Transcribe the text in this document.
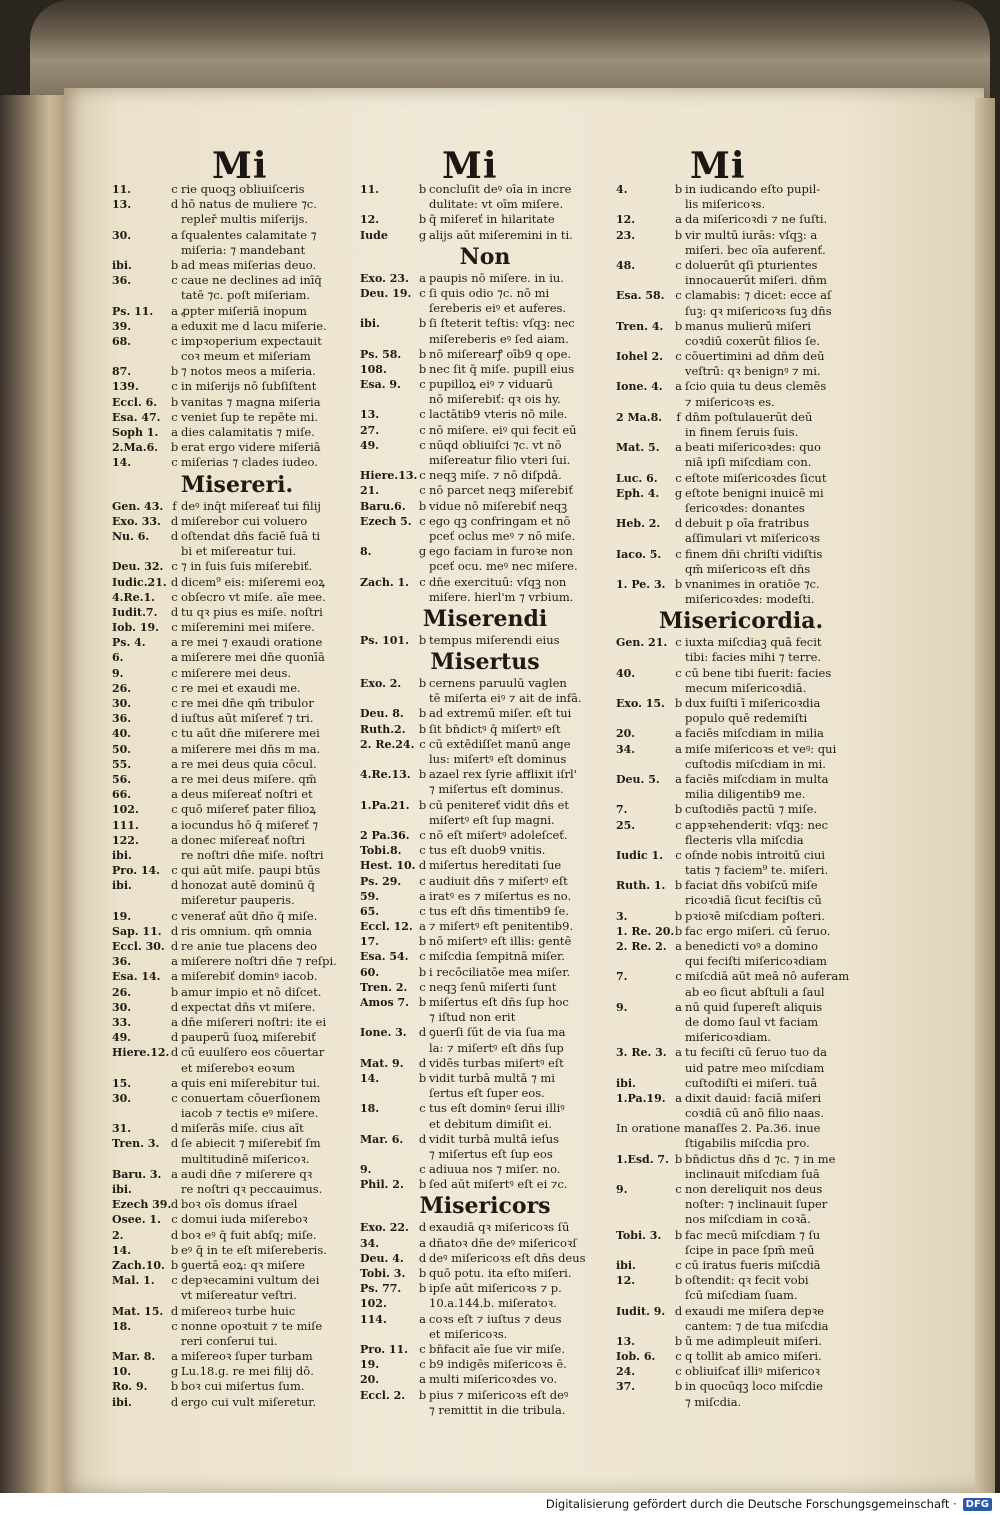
Mi	Mi	Mi
11.	c rie quoqꝫ obliuiſceris
13.	d hō natus de muliere ⁊c.
repleř multis miſerijs.
30.	a ſqualentes calamitate ⁊
miſeria: ⁊ mandebant
ibi.	b ad meas miſerias deuo.
36.	c caue ne declines ad inīq̄
tatē ⁊c. poſt miſeriam.
Ps. 11.	a ꝓpter miſeriā inopum
39.	a eduxit me d lacu miſerie.
68.	c impꝛoperium expectauit
coꝛ meum et miſeriam
87.	b ⁊ notos meos a miſeria.
139.	c in miſerijs nō ſubſiſtent
Eccl. 6.	b vanitas ⁊ magna miſeria
Esa. 47. c veniet ſup te repēte mi.
Soph 1.	a dies calamitatis ⁊ miſe.
2.Ma.6.	b erat ergo videre miſeriā
14.	c miſerias ⁊ clades iudeo.
Misereri.
Gen. 43. f deꝰ inq̄t miſereať tui filij
Exo. 33. d miſerebor cui voluero
Nu. 6.	d oſtendat dn̄s faciē ſuā ti
bi et miſereatur tui.
Deu. 32. c ⁊ in ſuis ſuis miſerebiť.
Iudic.21. d dicem⁹ eis: miſeremi eoꝝ
4.Re.1.	c obſecro vt miſe. aīe mee.
Iudit.7.	d tu qꝛ pius es miſe. noſtri
Iob. 19.	c miſeremini mei miſere.
Ps. 4.	a re mei ⁊ exaudi oratione
6.	a miſerere mei dn̄e quonīā
9.	c miſerere mei deus.
26.	c re mei et exaudi me.
30.	c re mei dn̄e qm̄ tribulor
36.	d iuſtus aūt miſereť ⁊ tri.
40.	c tu aūt dn̄e miſerere mei
50.	a miſerere mei dn̄s m ma.
55.	a re mei deus quia cōcul.
56.	a re mei deus miſere. qm̄
66.	a deus miſereať noſtri et
102.	c quō miſereť pater filioꝝ
111.	a iocundus hō q̄ miſereť ⁊
122.	a donec miſereať noſtri
ibi.	re noſtri dn̄e miſe. noſtri
Pro. 14. c qui aūt miſe. paupi btūs
ibi.	d honozat autē dominū q̄
miſeretur pauperis.
19.	c venerať aūt dn̄o q̄ miſe.
Sap. 11. d ris omnium. qm̄ omnia
Eccl. 30. d re anie tue placens deo
36.	a miſerere noſtri dn̄e ⁊ reſpi.
Esa. 14. a miſerebiť dominꝰ iacob.
26.	b amur impio et nō diſcet.
30.	d expectat dn̄s vt miſere.
33.	a dn̄e miſereri noſtri: ite ei
49.	d pauperū ſuoꝝ miſerebiť
Hiere.12. d cū euulſero eos cōuertar
et miſereboꝛ eoꝛum
15.	a quis eni miſerebitur tui.
30.	c conuertam cōuerſionem
iacob ⁊ tectis eꝰ miſere.
31.	d miſerās miſe. cius aīt
Tren. 3. d ſe abiecit ⁊ miſerebiť ſm
multitudinē miſericoꝛ.
Baru. 3. a audi dn̄e ⁊ miſerere qꝛ
ibi.	re noſtri qꝛ peccauimus.
Ezech 39. d boꝛ oīs domus iſrael
Osee. 1. c domui iuda miſereboꝛ
2.	d boꝛ eꝰ q̄ fuit abſq; miſe.
14.	b eꝰ q̄ in te eſt miſereberis.
Zach.10. b ꝯuertā eoꝝ: qꝛ miſere
Mal. 1.	c depꝛecamini vultum dei
vt miſereatur veſtri.
Mat. 15. d miſereoꝛ turbe huic
18.	c nonne opoꝛtuit ⁊ te miſe
reri conſerui tui.
Mar. 8.	a miſereoꝛ ſuper turbam
10.	g Lu.18.g. re mei filij dō.
Ro. 9.	b boꝛ cui miſertus ſum.
ibi.	d ergo cui vult miſeretur.
11.	b concluſit deꝰ oīa in incre
dulitate: vt oīm miſere.
12.	b q̄ miſereť in hilaritate
Iude	g alijs aūt miſeremini in ti.
Non
Exo. 23. a paupis nō miſere. in iu.
Deu. 19. c ſi quis odio ⁊c. nō mi
ſereberis eiꝰ et auferes.
ibi.	b ſi ſteterit teſtis: vſqꝫ: nec
miſereberis eꝰ ſed aiam.
Ps. 58.	b nō miſerearꝭ oīb9 q ope.
108.	b nec ſit q̄ miſe. pupill eius
Esa. 9.	c pupilloꝝ eiꝰ ⁊ viduarū
nō miſerebiť: qꝛ ois hy.
13.	c lactātib9 vteris nō mile.
27.	c nō miſere. eiꝰ qui fecit eū
49.	c nūqd obliuiſci ⁊c. vt nō
miſereatur filio vteri ſui.
Hiere.13. c neqꝫ miſe. ⁊ nō diſpdā.
21.	c nō parcet neqꝫ miſerebiť
Baru.6.	b vidue nō miſerebiť neqꝫ
Ezech 5. c ego qꝫ confringam et nō
pceť oclus meꝰ ⁊ nō miſe.
8.	g ego faciam in furoꝛe non
pceť ocu. meꝰ nec miſere.
Zach. 1. c dn̄e exercituū: vſqꝫ non
miſere. hierl'm ⁊ vrbium.
Miserendi
Ps. 101. b tempus miſerendi eius
Misertus
Exo. 2.	b cernens paruulū vaglen
tē miſerta eiꝰ ⁊ ait de infā.
Deu. 8.	b ad extremū miſer. eſt tui
Ruth.2.	b ſit bn̄dictꝰ q̄ miſertꝰ eſt
2. Re.24. c cū extēdiſſet manū ange
lus: miſertꝰ eſt dominus
4.Re.13. b azael rex ſyrie afflixit iſrl'
⁊ miſertus eſt dominus.
1.Pa.21. b cū penitereť vidit dn̄s et
miſertꝰ eſt ſup magni.
2 Pa.36. c nō eſt miſertꝰ adoleſceť.
Tobi.8.	c tus eſt duob9 vnitis.
Hest. 10. d miſertus hereditati ſue
Ps. 29.	c audiuit dn̄s ⁊ miſertꝰ eſt
59.	a iratꝰ es ⁊ miſertus es no.
65.	c tus eſt dn̄s timentib9 ſe.
Eccl. 12. a ⁊ miſertꝰ eſt penitentib9.
17.	b nō miſertꝰ eſt illis: gentē
Esa. 54. c miſcdia ſempitnā miſer.
60.	b i recōciliatōe mea miſer.
Tren. 2.	c neqꝫ ſenū miſerti ſunt
Amos 7. b miſertus eſt dn̄s ſup hoc
⁊ iſtud non erit
Ione. 3.	d ꝯuerſi ſūt de via ſua ma
la: ⁊ miſertꝰ eſt dn̄s ſup
Mat. 9.	d vidēs turbas miſertꝰ eſt
14.	b vidit turbā multā ⁊ mi
ſertus eſt ſuper eos.
18.	c tus eſt dominꝰ ſerui illiꝰ
et debitum dimiſit ei.
Mar. 6.	d vidit turbā multā ieſus
⁊ miſertus eſt ſup eos
9.	c adiuua nos ⁊ miſer. no.
Phil. 2.	b ſed aūt miſertꝰ eſt ei ⁊c.
Misericors
Exo. 22. d exaudiā qꝛ miſericoꝛs ſū
34.	a dn̄atoꝛ dn̄e deꝰ miſericoꝛſ
Deu. 4.	d deꝰ miſericoꝛs eſt dn̄s deus
Tobi. 3.	b quō potu. ita eſto miſeri.
Ps. 77.	b ipſe aūt miſericoꝛs ⁊ p.
102.	10.a.144.b. miſeratoꝛ.
114.	a coꝛs eſt ⁊ iuſtus ⁊ deus
et miſericoꝛs.
Pro. 11. c bn̄facit aīe ſue vir miſe.
19.	c b9 indigēs miſericoꝛs ē.
20.	a multi miſericoꝛdes vo.
Eccl. 2.	b pius ⁊ miſericoꝛs eſt deꝰ
⁊ remittit in die tribula.
4.	b in iudicando eſto pupil-
lis miſericoꝛs.
12.	a da miſericoꝛdi ⁊ ne ſuſti.
23.	b vir multū iurās: vſqꝫ: a
miſeri. bec oīa auferenť.
48.	c doluerūt qſi pturientes
innocauerūt miſeri. dn̄m
Esa. 58. c clamabis: ⁊ dicet: ecce aſ
ſuꝫ: qꝛ miſericoꝛs ſuꝫ dn̄s
Tren. 4. b manus mulierū miſeri
coꝛdiū coxerūt filios ſe.
Iohel 2.	c cōuertimini ad dn̄m deū
veſtrū: qꝛ benignꝰ ⁊ mi.
Ione. 4.	a ſcio quia tu deus clemēs
⁊ miſericoꝛs es.
2 Ma.8.	f dn̄m poſtulauerūt deū
in finem ſeruis ſuis.
Mat. 5.	a beati miſericoꝛdes: quo
niā ipſi miſcdiam con.
Luc. 6.	c eſtote miſericoꝛdes ſicut
Eph. 4.	g eſtote benigni inuicē mi
ſericoꝛdes: donantes
Heb. 2.	d debuit p oīa fratribus
aſſimulari vt miſericoꝛs
Iaco. 5.	c finem dn̄i chriſti vidiſtis
qm̄ miſericoꝛs eſt dn̄s
1. Pe. 3. b vnanimes in oratiōe ⁊c.
miſericoꝛdes: modeſti.
Misericordia.
Gen. 21. c iuxta miſcdiaꝫ quā fecit
tibi: facies mihi ⁊ terre.
40.	c cū bene tibi fuerit: facies
mecum miſericoꝛdiā.
Exo. 15. b dux fuiſti ī miſericoꝛdia
populo quē redemiſti
20.	a faciēs miſcdiam in milia
34.	a miſe miſericoꝛs et veꝰ: qui
cuſtodis miſcdiam in mi.
Deu. 5.	a faciēs miſcdiam in multa
milia diligentib9 me.
7.	b cuſtodiēs pactū ⁊ miſe.
25.	c appꝛehenderit: vſqꝫ: nec
flecteris vlla miſcdia
Iudic 1.	c oſnde nobis introitū ciui
tatis ⁊ faciem⁹ te. miſeri.
Ruth. 1. b faciat dn̄s vobiſcū miſe
ricoꝛdiā ſicut feciſtis cū
3.	b pꝛioꝛē miſcdiam poſteri.
1. Re. 20. b fac ergo miſeri. cū ſeruo.
2. Re. 2. a benedicti voꝰ a domino
qui feciſti miſericoꝛdiam
7.	c miſcdiā aūt meā nō auferam
ab eo ſicut abſtuli a ſaul
9.	a nū quid ſupereſt aliquis
de domo ſaul vt faciam
miſericoꝛdiam.
3. Re. 3. a tu feciſti cū ſeruo tuo da
uid patre meo miſcdiam
ibi.	cuſtodiſti ei miſeri. tuā
1.Pa.19. a dixit dauid: faciā miſeri
coꝛdiā cū anō filio naas.
In oratione manaſſes 2. Pa.36. inue
ſtigabilis miſcdia pro.
1.Esd. 7. b bn̄dictus dn̄s d ⁊c. ⁊ in me
inclinauit miſcdiam ſuā
9.	c non dereliquit nos deus
noſter: ⁊ inclinauit ſuper
nos miſcdiam in coꝛā.
Tobi. 3.	b fac mecū miſcdiam ⁊ ſu
ſcipe in pace ſpm̄ meū
ibi.	c cū iratus fueris miſcdiā
12.	b oſtendit: qꝛ fecit vobi
ſcū miſcdiam ſuam.
Iudit. 9. d exaudi me miſera depꝛe
cantem: ⁊ de tua miſcdia
13.	b ū me adimpleuit miſeri.
Iob. 6.	c q tollit ab amico miſeri.
24.	c obliuiſcať illiꝰ miſericoꝛ
37.	b in quocūqꝫ loco miſcdie
⁊ miſcdia.
Digitalisierung gefördert durch die Deutsche Forschungsgemeinschaft · DFG
